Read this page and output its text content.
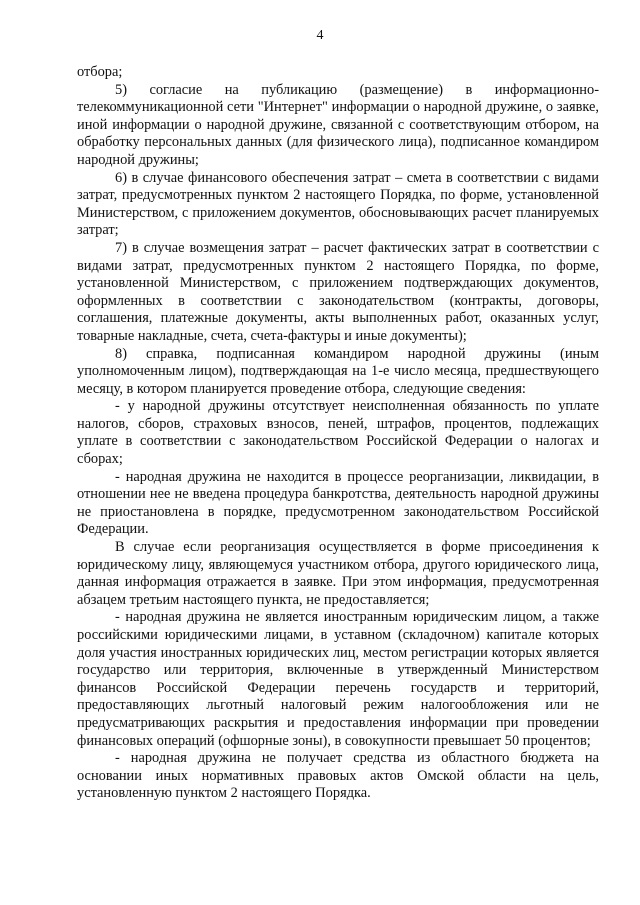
4

отбора;

5) согласие на публикацию (размещение) в информационно-телекоммуникационной сети "Интернет" информации о народной дружине, о заявке, иной информации о народной дружине, связанной с соответствующим отбором, на обработку персональных данных (для физического лица), подписанное командиром народной дружины;

6) в случае финансового обеспечения затрат – смета в соответствии с видами затрат, предусмотренных пунктом 2 настоящего Порядка, по форме, установленной Министерством, с приложением документов, обосновывающих расчет планируемых затрат;

7) в случае возмещения затрат – расчет фактических затрат в соответствии с видами затрат, предусмотренных пунктом 2 настоящего Порядка, по форме, установленной Министерством, с приложением подтверждающих документов, оформленных в соответствии с законодательством (контракты, договоры, соглашения, платежные документы, акты выполненных работ, оказанных услуг, товарные накладные, счета, счета-фактуры и иные документы);

8) справка, подписанная командиром народной дружины (иным уполномоченным лицом), подтверждающая на 1-е число месяца, предшествующего месяцу, в котором планируется проведение отбора, следующие сведения:

- у народной дружины отсутствует неисполненная обязанность по уплате налогов, сборов, страховых взносов, пеней, штрафов, процентов, подлежащих уплате в соответствии с законодательством Российской Федерации о налогах и сборах;

- народная дружина не находится в процессе реорганизации, ликвидации, в отношении нее не введена процедура банкротства, деятельность народной дружины не приостановлена в порядке, предусмотренном законодательством Российской Федерации.

В случае если реорганизация осуществляется в форме присоединения к юридическому лицу, являющемуся участником отбора, другого юридического лица, данная информация отражается в заявке. При этом информация, предусмотренная абзацем третьим настоящего пункта, не предоставляется;

- народная дружина не является иностранным юридическим лицом, а также российскими юридическими лицами, в уставном (складочном) капитале которых доля участия иностранных юридических лиц, местом регистрации которых является государство или территория, включенные в утвержденный Министерством финансов Российской Федерации перечень государств и территорий, предоставляющих льготный налоговый режим налогообложения или не предусматривающих раскрытия и предоставления информации при проведении финансовых операций (офшорные зоны), в совокупности превышает 50 процентов;

- народная дружина не получает средства из областного бюджета на основании иных нормативных правовых актов Омской области на цель, установленную пунктом 2 настоящего Порядка.
